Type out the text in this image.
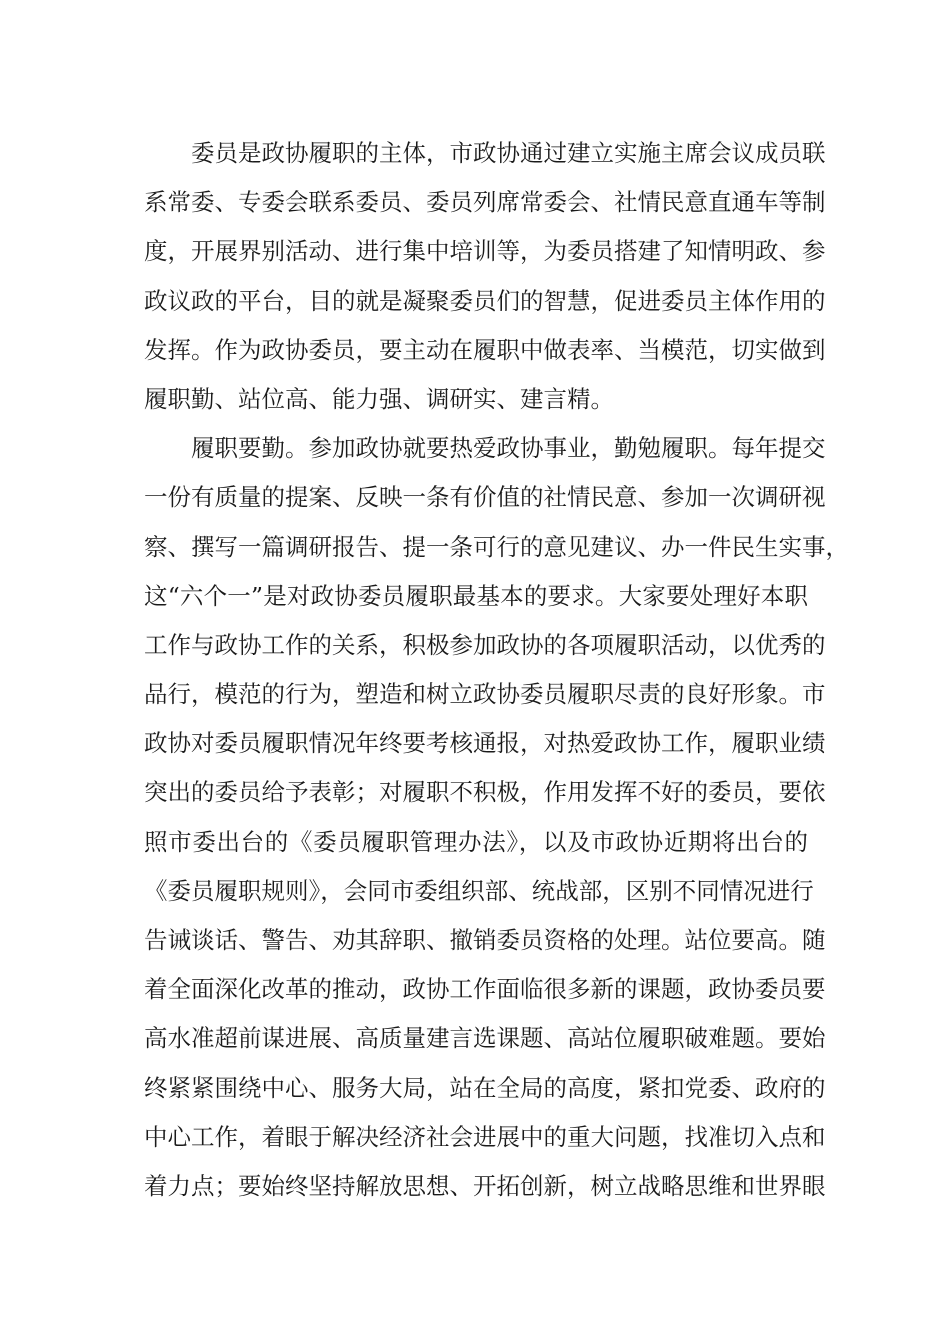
委员是政协履职的主体，市政协通过建立实施主席会议成员联
系常委、专委会联系委员、委员列席常委会、社情民意直通车等制
度，开展界别活动、进行集中培训等，为委员搭建了知情明政、参
政议政的平台，目的就是凝聚委员们的智慧，促进委员主体作用的
发挥。作为政协委员，要主动在履职中做表率、当模范，切实做到
履职勤、站位高、能力强、调研实、建言精。
履职要勤。参加政协就要热爱政协事业，勤勉履职。每年提交
一份有质量的提案、反映一条有价值的社情民意、参加一次调研视
察、撰写一篇调研报告、提一条可行的意见建议、办一件民生实事，
这“六个一”是对政协委员履职最基本的要求。大家要处理好本职
工作与政协工作的关系，积极参加政协的各项履职活动，以优秀的
品行，模范的行为，塑造和树立政协委员履职尽责的良好形象。市
政协对委员履职情况年终要考核通报，对热爱政协工作，履职业绩
突出的委员给予表彰；对履职不积极，作用发挥不好的委员，要依
照市委出台的《委员履职管理办法》，以及市政协近期将出台的
《委员履职规则》，会同市委组织部、统战部，区别不同情况进行
告诫谈话、警告、劝其辞职、撤销委员资格的处理。站位要高。随
着全面深化改革的推动，政协工作面临很多新的课题，政协委员要
高水准超前谋进展、高质量建言选课题、高站位履职破难题。要始
终紧紧围绕中心、服务大局，站在全局的高度，紧扣党委、政府的
中心工作，着眼于解决经济社会进展中的重大问题，找准切入点和
着力点；要始终坚持解放思想、开拓创新，树立战略思维和世界眼
